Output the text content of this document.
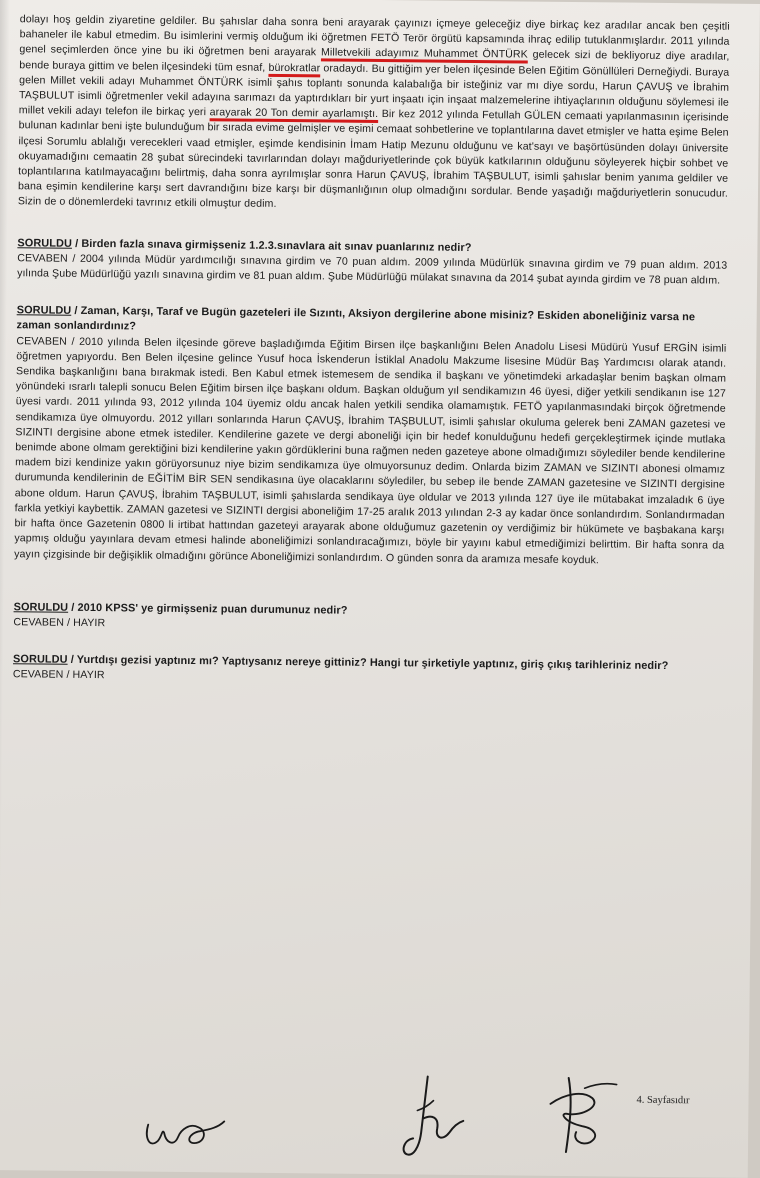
dolayı hoş geldin ziyaretine geldiler. Bu şahıslar daha sonra beni arayarak çayınızı içmeye geleceğiz diye birkaç kez aradılar ancak ben çeşitli bahaneler ile kabul etmedim. Bu isimlerini vermiş olduğum iki öğretmen FETÖ Terör örgütü kapsamında ihraç edilip tutuklanmışlardır. 2011 yılında genel seçimlerden önce yine bu iki öğretmen beni arayarak Milletvekili adayımız Muhammet ÖNTÜRK gelecek sizi de bekliyoruz diye aradılar, bende buraya gittim ve belen ilçesindeki tüm esnaf, bürokratlar oradaydı. Bu gittiğim yer belen ilçesinde Belen Eğitim Gönüllüleri Derneğiydi. Buraya gelen Millet vekili adayı Muhammet ÖNTÜRK isimli şahıs toplantı sonunda kalabalığa bir isteğiniz var mı diye sordu, Harun ÇAVUŞ ve İbrahim TAŞBULUT isimli öğretmenler vekil adayına sarımazı da yaptırdıkları bir yurt inşaatı için inşaat malzemelerine ihtiyaçlarının olduğunu söylemesi ile millet vekili adayı telefon ile birkaç yeri arayarak 20 Ton demir ayarlamıştı. Bir kez 2012 yılında Fetullah GÜLEN cemaati yapılanmasının içerisinde bulunan kadınlar beni işte bulunduğum bir sırada evime gelmişler ve eşimi cemaat sohbetlerine ve toplantılarına davet etmişler ve hatta eşime Belen ilçesi Sorumlu ablalığı verecekleri vaad etmişler, eşimde kendisinin İmam Hatip Mezunu olduğunu ve kat'sayı ve başörtüsünden dolayı üniversite okuyamadığını cemaatin 28 şubat sürecindeki tavırlarından dolayı mağduriyetlerinde çok büyük katkılarının olduğunu söyleyerek hiçbir sohbet ve toplantılarına katılmayacağını belirtmiş, daha sonra ayrılmışlar sonra Harun ÇAVUŞ, İbrahim TAŞBULUT, isimli şahıslar benim yanıma geldiler ve bana eşimin kendilerine karşı sert davrandığını bize karşı bir düşmanlığının olup olmadığını sordular. Bende yaşadığı mağduriyetlerin sonucudur. Sizin de o dönemlerdeki tavrınız etkili olmuştur dedim.

SORULDU / Birden fazla sınava girmişseniz 1.2.3.sınavlara ait sınav puanlarınız nedir?

CEVABEN / 2004 yılında Müdür yardımcılığı sınavına girdim ve 70 puan aldım. 2009 yılında Müdürlük sınavına girdim ve 79 puan aldım. 2013 yılında Şube Müdürlüğü yazılı sınavına girdim ve 81 puan aldım. Şube Müdürlüğü mülakat sınavına da 2014 şubat ayında girdim ve 78 puan aldım.

SORULDU / Zaman, Karşı, Taraf ve Bugün gazeteleri ile Sızıntı, Aksiyon dergilerine abone misiniz? Eskiden aboneliğiniz varsa ne zaman sonlandırdınız?

CEVABEN / 2010 yılında Belen ilçesinde göreve başladığımda Eğitim Birsen ilçe başkanlığını Belen Anadolu Lisesi Müdürü Yusuf ERGİN isimli öğretmen yapıyordu. Ben Belen ilçesine gelince Yusuf hoca İskenderun İstiklal Anadolu Makzume lisesine Müdür Baş Yardımcısı olarak atandı. Sendika başkanlığını bana bırakmak istedi. Ben Kabul etmek istemesem de sendika il başkanı ve yönetimdeki arkadaşlar benim başkan olmam yönündeki ısrarlı talepli sonucu Belen Eğitim birsen ilçe başkanı oldum. Başkan olduğum yıl sendikamızın 46 üyesi, diğer yetkili sendikanın ise 127 üyesi vardı. 2011 yılında 93, 2012 yılında 104 üyemiz oldu ancak halen yetkili sendika olamamıştık. FETÖ yapılanmasındaki birçok öğretmende sendikamıza üye olmuyordu. 2012 yılları sonlarında Harun ÇAVUŞ, İbrahim TAŞBULUT, isimli şahıslar okuluma gelerek beni ZAMAN gazetesi ve SIZINTI dergisine abone etmek istediler. Kendilerine gazete ve dergi aboneliği için bir hedef konulduğunu hedefi gerçekleştirmek içinde mutlaka benimde abone olmam gerektiğini bizi kendilerine yakın gördüklerini buna rağmen neden gazeteye abone olmadığımızı söylediler bende kendilerine madem bizi kendinize yakın görüyorsunuz niye bizim sendikamıza üye olmuyorsunuz dedim. Onlarda bizim ZAMAN ve SIZINTI abonesi olmamız durumunda kendilerinin de EĞİTİM BİR SEN sendikasına üye olacaklarını söylediler, bu sebep ile bende ZAMAN gazetesine ve SIZINTI dergisine abone oldum. Harun ÇAVUŞ, İbrahim TAŞBULUT, isimli şahıslarda sendikaya üye oldular ve 2013 yılında 127 üye ile mütabakat imzaladık 6 üye farkla yetkiyi kaybettik. ZAMAN gazetesi ve SIZINTI dergisi aboneliğim 17-25 aralık 2013 yılından 2-3 ay kadar önce sonlandırdım. Sonlandırmadan bir hafta önce Gazetenin 0800 li irtibat hattından gazeteyi arayarak abone olduğumuz gazetenin oy verdiğimiz bir hükümete ve başbakana karşı yapmış olduğu yayınlara devam etmesi halinde aboneliğimizi sonlandıracağımızı, böyle bir yayını kabul etmediğimizi belirttim. Bir hafta sonra da yayın çizgisinde bir değişiklik olmadığını görünce Aboneliğimizi sonlandırdım. O günden sonra da aramıza mesafe koyduk.

SORULDU / 2010 KPSS' ye girmişseniz puan durumunuz nedir?

CEVABEN / HAYIR

SORULDU / Yurtdışı gezisi yaptınız mı? Yaptıysanız nereye gittiniz? Hangi tur şirketiyle yaptınız, giriş çıkış tarihleriniz nedir?

CEVABEN / HAYIR

4. Sayfasıdır
